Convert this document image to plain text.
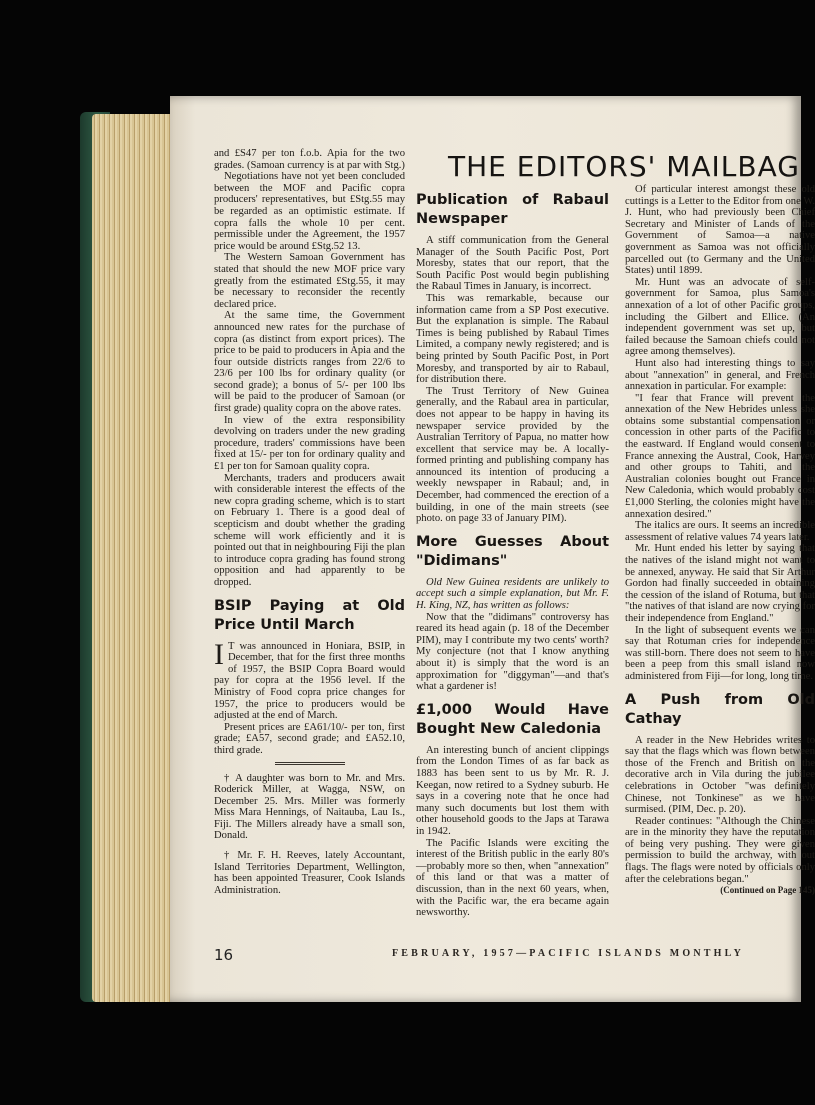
THE EDITORS' MAILBAG

and £S47 per ton f.o.b. Apia for the two grades. (Samoan currency is at par with Stg.)

Negotiations have not yet been concluded between the MOF and Pacific copra producers' representatives, but £Stg.55 may be regarded as an optimistic estimate. If copra falls the whole 10 per cent. permissible under the Agreement, the 1957 price would be around £Stg.52 13.

The Western Samoan Government has stated that should the new MOF price vary greatly from the estimated £Stg.55, it may be necessary to reconsider the recently declared price.

At the same time, the Government announced new rates for the purchase of copra (as distinct from export prices). The price to be paid to producers in Apia and the four outside districts ranges from 22/6 to 23/6 per 100 lbs for ordinary quality (or second grade); a bonus of 5/- per 100 lbs will be paid to the producer of Samoan (or first grade) quality copra on the above rates.

In view of the extra responsibility devolving on traders under the new grading procedure, traders' commissions have been fixed at 15/- per ton for ordinary quality and £1 per ton for Samoan quality copra.

Merchants, traders and producers await with considerable interest the effects of the new copra grading scheme, which is to start on February 1. There is a good deal of scepticism and doubt whether the grading scheme will work efficiently and it is pointed out that in neighbouring Fiji the plan to introduce copra grading has found strong opposition and had apparently to be dropped.

BSIP Paying at Old Price Until March

I T was announced in Honiara, BSIP, in December, that for the first three months of 1957, the BSIP Copra Board would pay for copra at the 1956 level. If the Ministry of Food copra price changes for 1957, the price to producers would be adjusted at the end of March.

Present prices are £A61/10/- per ton, first grade; £A57, second grade; and £A52.10, third grade.

† A daughter was born to Mr. and Mrs. Roderick Miller, at Wagga, NSW, on December 25. Mrs. Miller was formerly Miss Mara Hennings, of Naitauba, Lau Is., Fiji. The Millers already have a small son, Donald.

† Mr. F. H. Reeves, lately Accountant, Island Territories Department, Wellington, has been appointed Treasurer, Cook Islands Administration.

Publication of Rabaul Newspaper

A stiff communication from the General Manager of the South Pacific Post, Port Moresby, states that our report, that the South Pacific Post would begin publishing the Rabaul Times in January, is incorrect.

This was remarkable, because our information came from a SP Post executive. But the explanation is simple. The Rabaul Times is being published by Rabaul Times Limited, a company newly registered; and is being printed by South Pacific Post, in Port Moresby, and transported by air to Rabaul, for distribution there.

The Trust Territory of New Guinea generally, and the Rabaul area in particular, does not appear to be happy in having its newspaper service provided by the Australian Territory of Papua, no matter how excellent that service may be. A locally-formed printing and publishing company has announced its intention of producing a weekly newspaper in Rabaul; and, in December, had commenced the erection of a building, in one of the main streets (see photo. on page 33 of January PIM).

More Guesses About "Didimans"

Old New Guinea residents are unlikely to accept such a simple explanation, but Mr. F. H. King, NZ, has written as follows:

Now that the "didimans" controversy has reared its head again (p. 18 of the December PIM), may I contribute my two cents' worth? My conjecture (not that I know anything about it) is simply that the word is an approximation for "diggyman"—and that's what a gardener is!

£1,000 Would Have Bought New Caledonia

An interesting bunch of ancient clippings from the London Times of as far back as 1883 has been sent to us by Mr. R. J. Keegan, now retired to a Sydney suburb. He says in a covering note that he once had many such documents but lost them with other household goods to the Japs at Tarawa in 1942.

The Pacific Islands were exciting the interest of the British public in the early 80's—probably more so then, when "annexation" of this land or that was a matter of discussion, than in the next 60 years, when, with the Pacific war, the era became again newsworthy.

Of particular interest amongst these old cuttings is a Letter to the Editor from one W. J. Hunt, who had previously been Chief Secretary and Minister of Lands of the Government of Samoa—a native government as Samoa was not officially parcelled out (to Germany and the United States) until 1899.

Mr. Hunt was an advocate of self-government for Samoa, plus Samoa's annexation of a lot of other Pacific groups, including the Gilbert and Ellice. (An independent government was set up, but failed because the Samoan chiefs could not agree among themselves).

Hunt also had interesting things to say about "annexation" in general, and French annexation in particular. For example:

"I fear that France will prevent the annexation of the New Hebrides unless she obtains some substantial compensation or concession in other parts of the Pacific to the eastward. If England would consent to France annexing the Austral, Cook, Harvey and other groups to Tahiti, and the Australian colonies bought out France in New Caledonia, which would probably cost £1,000 Sterling, the colonies might have the annexation desired."

The italics are ours. It seems an incredible assessment of relative values 74 years later.

Mr. Hunt ended his letter by saying that the natives of the island might not want to be annexed, anyway. He said that Sir Arthur Gordon had finally succeeded in obtaining the cession of the island of Rotuma, but that "the natives of that island are now crying for their independence from England."

In the light of subsequent events we can say that Rotuman cries for independence was still-born. There does not seem to have been a peep from this small island now administered from Fiji—for long, long time.

A Push from Old Cathay

A reader in the New Hebrides writes to say that the flags which was flown between those of the French and British on the decorative arch in Vila during the jubilee celebrations in October "was definitely Chinese, not Tonkinese" as we have surmised. (PIM, Dec. p. 20).

Reader continues: "Although the Chinese are in the minority they have the reputation of being very pushing. They were given permission to build the archway, with out flags. The flags were noted by officials only after the celebrations began."

(Continued on Page 145)

16	FEBRUARY, 1957—PACIFIC ISLANDS MONTHLY
